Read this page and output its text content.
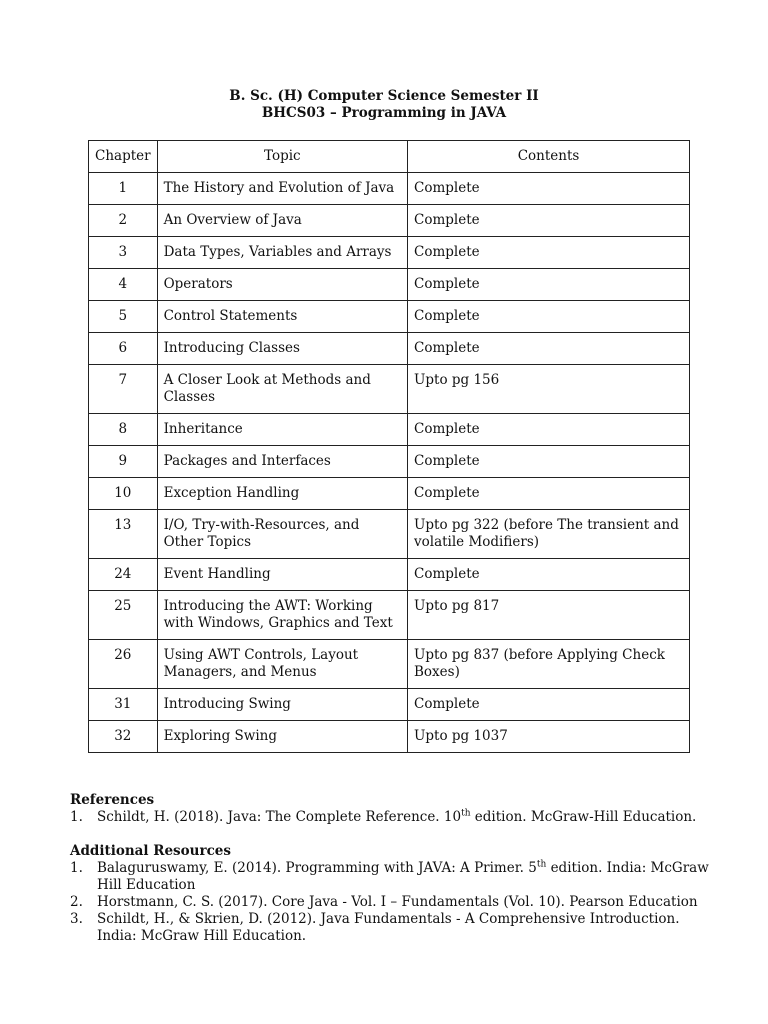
B. Sc. (H) Computer Science Semester II
BHCS03 – Programming in JAVA
Chapter	Topic	Contents
1	The History and Evolution of Java	Complete
2	An Overview of Java	Complete
3	Data Types, Variables and Arrays	Complete
4	Operators	Complete
5	Control Statements	Complete
6	Introducing Classes	Complete
7	A Closer Look at Methods and Classes	Upto pg 156
8	Inheritance	Complete
9	Packages and Interfaces	Complete
10	Exception Handling	Complete
13	I/O, Try-with-Resources, and Other Topics	Upto pg 322 (before The transient and volatile Modifiers)
24	Event Handling	Complete
25	Introducing the AWT: Working with Windows, Graphics and Text	Upto pg 817
26	Using AWT Controls, Layout Managers, and Menus	Upto pg 837 (before Applying Check Boxes)
31	Introducing Swing	Complete
32	Exploring Swing	Upto pg 1037
References
1.	Schildt, H. (2018). Java: The Complete Reference. 10th edition. McGraw-Hill Education.
Additional Resources
1.	Balaguruswamy, E. (2014). Programming with JAVA: A Primer. 5th edition. India: McGraw Hill Education
2.	Horstmann, C. S. (2017). Core Java - Vol. I – Fundamentals (Vol. 10). Pearson Education
3.	Schildt, H., & Skrien, D. (2012). Java Fundamentals - A Comprehensive Introduction. India: McGraw Hill Education.
